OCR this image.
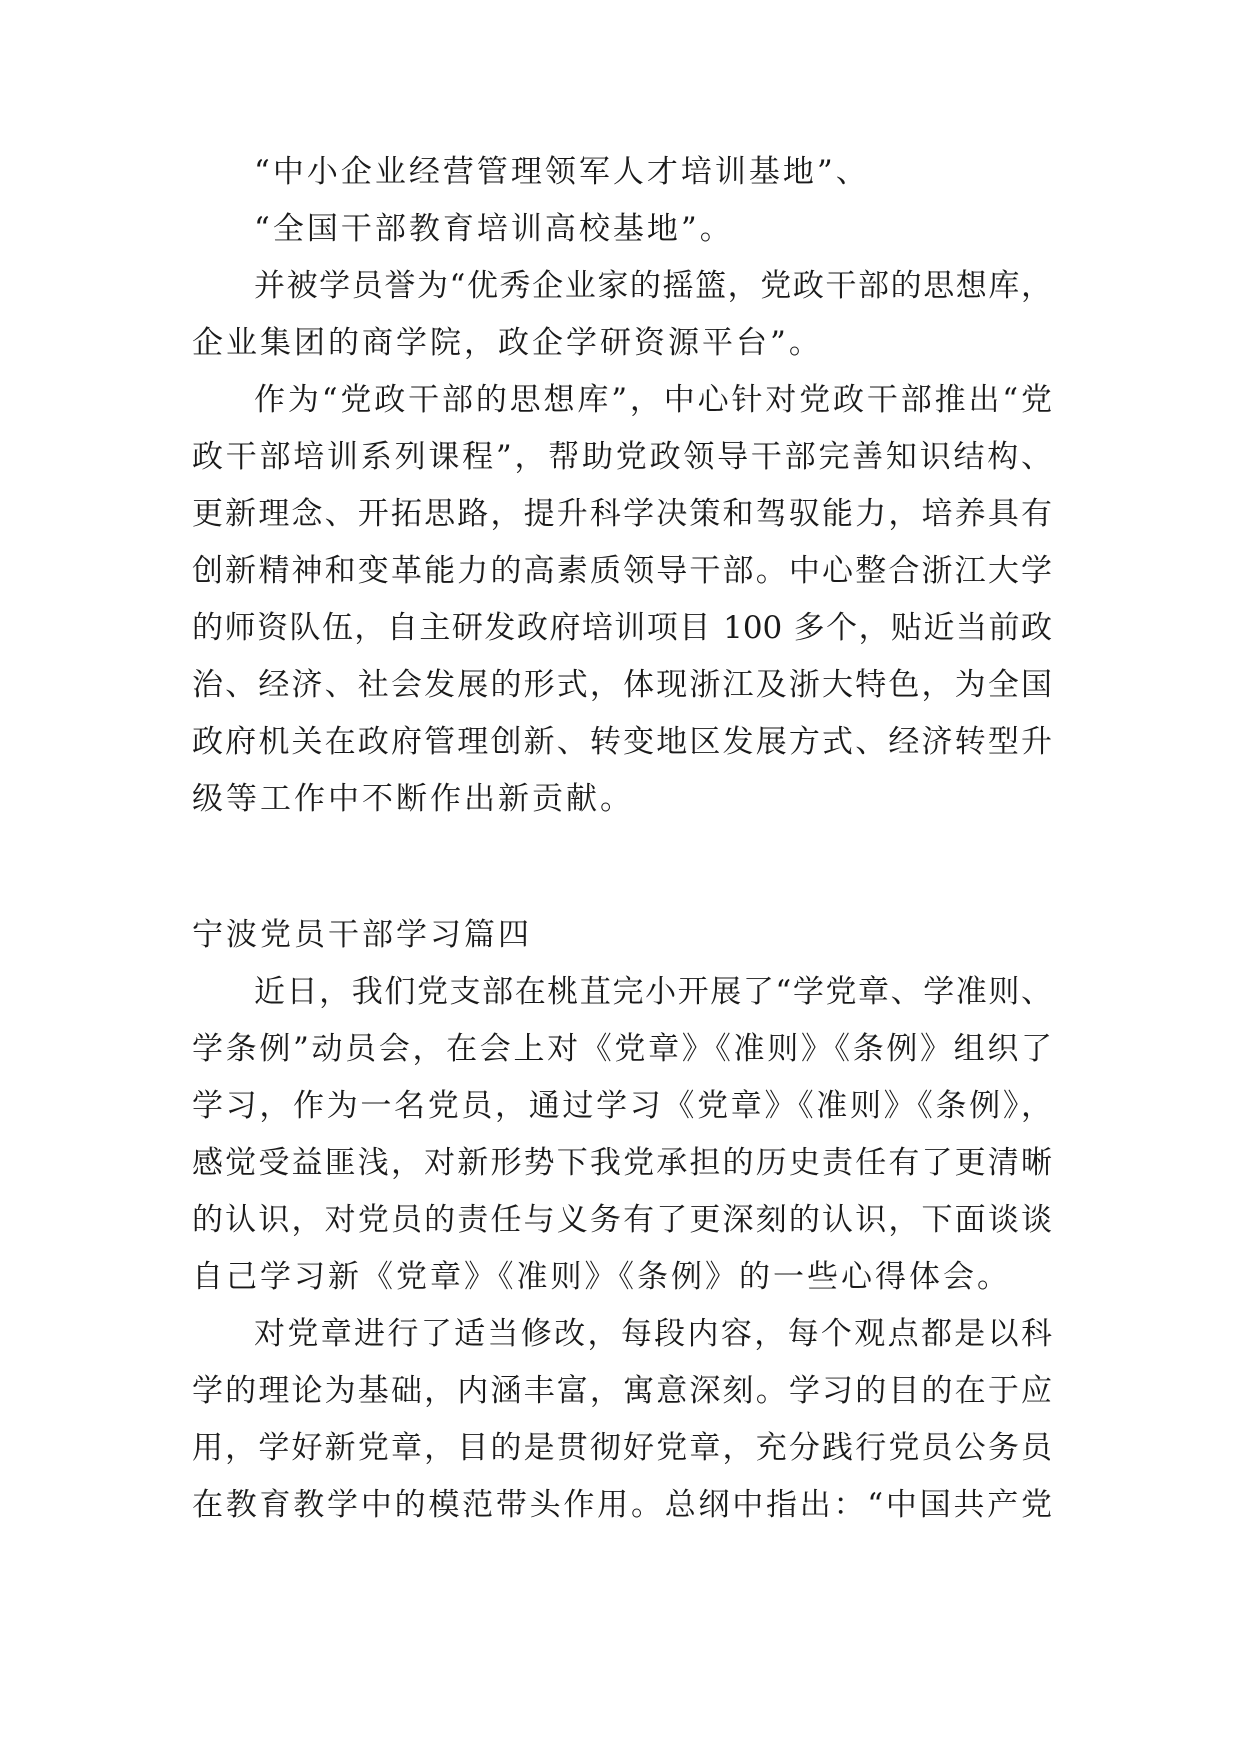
“中小企业经营管理领军人才培训基地”、
“全国干部教育培训高校基地”。
并被学员誉为“优秀企业家的摇篮，党政干部的思想库，
企业集团的商学院，政企学研资源平台”。
作为“党政干部的思想库”，中心针对党政干部推出“党
政干部培训系列课程”，帮助党政领导干部完善知识结构、
更新理念、开拓思路，提升科学决策和驾驭能力，培养具有
创新精神和变革能力的高素质领导干部。中心整合浙江大学
的师资队伍，自主研发政府培训项目 100 多个，贴近当前政
治、经济、社会发展的形式，体现浙江及浙大特色，为全国
政府机关在政府管理创新、转变地区发展方式、经济转型升
级等工作中不断作出新贡献。
宁波党员干部学习篇四
近日，我们党支部在桃苴完小开展了“学党章、学准则、
学条例”动员会，在会上对《党章》《准则》《条例》组织了
学习，作为一名党员，通过学习《党章》《准则》《条例》，
感觉受益匪浅，对新形势下我党承担的历史责任有了更清晰
的认识，对党员的责任与义务有了更深刻的认识，下面谈谈
自己学习新《党章》《准则》《条例》的一些心得体会。
对党章进行了适当修改，每段内容，每个观点都是以科
学的理论为基础，内涵丰富，寓意深刻。学习的目的在于应
用，学好新党章，目的是贯彻好党章，充分践行党员公务员
在教育教学中的模范带头作用。总纲中指出：“中国共产党
